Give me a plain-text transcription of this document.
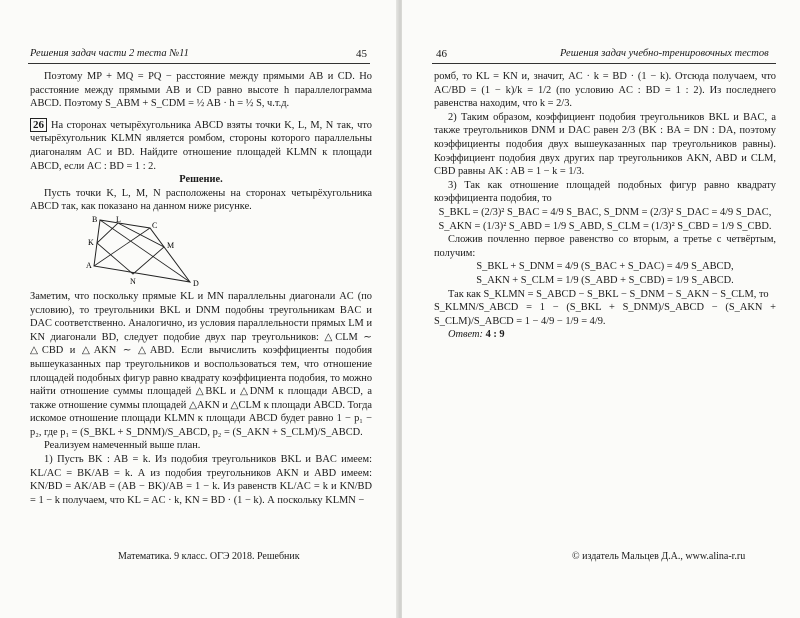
Решения задач части 2 теста №11	45

Поэтому MP + MQ = PQ − расстояние между прямыми AB и CD. Но расстояние между прямыми AB и CD равно высоте h параллелограмма ABCD. Поэтому S_ABM + S_CDM = ½ AB · h = ½ S, ч.т.д.

26 На сторонах четырёхугольника ABCD взяты точки K, L, M, N так, что четырёхугольник KLMN является ромбом, стороны которого параллельны диагоналям AC и BD. Найдите отношение площадей KLMN к площади ABCD, если AC : BD = 1 : 2.

Решение.

Пусть точки K, L, M, N расположены на сторонах четырёхугольника ABCD так, как показано на данном ниже рисунке.

B L
C
K	M
A
N	D

Заметим, что поскольку прямые KL и MN параллельны диагонали AC (по условию), то треугольники BKL и DNM подобны треугольникам BAC и DAC соответственно. Аналогично, из условия параллельности прямых LM и KN диагонали BD, следует подобие двух пар треугольников: △CLM ∼ △CBD и △AKN ∼ △ABD. Если вычислить коэффициенты подобия вышеуказанных пар треугольников и воспользоваться тем, что отношение площадей подобных фигур равно квадрату коэффициента подобия, то можно найти отношение суммы площадей △BKL и △DNM к площади ABCD, а также отношение суммы площадей △AKN и △CLM к площади ABCD. Тогда искомое отношение площади KLMN к площади ABCD будет равно 1 − p₁ − p₂, где p₁ = (S_BKL + S_DNM)/S_ABCD, p₂ = (S_AKN + S_CLM)/S_ABCD.

Реализуем намеченный выше план.

1) Пусть BK : AB = k. Из подобия треугольников BKL и BAC имеем: KL/AC = BK/AB = k. А из подобия треугольников AKN и ABD имеем: KN/BD = AK/AB = (AB − BK)/AB = 1 − k. Из равенств KL/AC = k и KN/BD = 1 − k получаем, что KL = AC · k, KN = BD · (1 − k). А поскольку KLMN −

Математика. 9 класс. ОГЭ 2018. Решебник
46	Решения задач учебно-тренировочных тестов

ромб, то KL = KN и, значит, AC · k = BD · (1 − k). Отсюда получаем, что AC/BD = (1 − k)/k = 1/2 (по условию AC : BD = 1 : 2). Из последнего равенства находим, что k = 2/3.

2) Таким образом, коэффициент подобия треугольников BKL и BAC, а также треугольников DNM и DAC равен 2/3 (BK : BA = DN : DA, поэтому коэффициенты подобия двух вышеуказанных пар треугольников равны). Коэффициент подобия двух других пар треугольников AKN, ABD и CLM, CBD равны AK : AB = 1 − k = 1/3.

3) Так как отношение площадей подобных фигур равно квадрату коэффициента подобия, то

S_BKL = (2/3)² S_BAC = 4/9 S_BAC, S_DNM = (2/3)² S_DAC = 4/9 S_DAC,

S_AKN = (1/3)² S_ABD = 1/9 S_ABD, S_CLM = (1/3)² S_CBD = 1/9 S_CBD.

Сложив почленно первое равенство со вторым, а третье с четвёртым, получим:

S_BKL + S_DNM = 4/9 (S_BAC + S_DAC) = 4/9 S_ABCD,

S_AKN + S_CLM = 1/9 (S_ABD + S_CBD) = 1/9 S_ABCD.

Так как S_KLMN = S_ABCD − S_BKL − S_DNM − S_AKN − S_CLM, то

S_KLMN/S_ABCD = 1 − (S_BKL + S_DNM)/S_ABCD − (S_AKN + S_CLM)/S_ABCD = 1 − 4/9 − 1/9 = 4/9.

Ответ: 4 : 9

© издатель Мальцев Д.А., www.alina-r.ru
